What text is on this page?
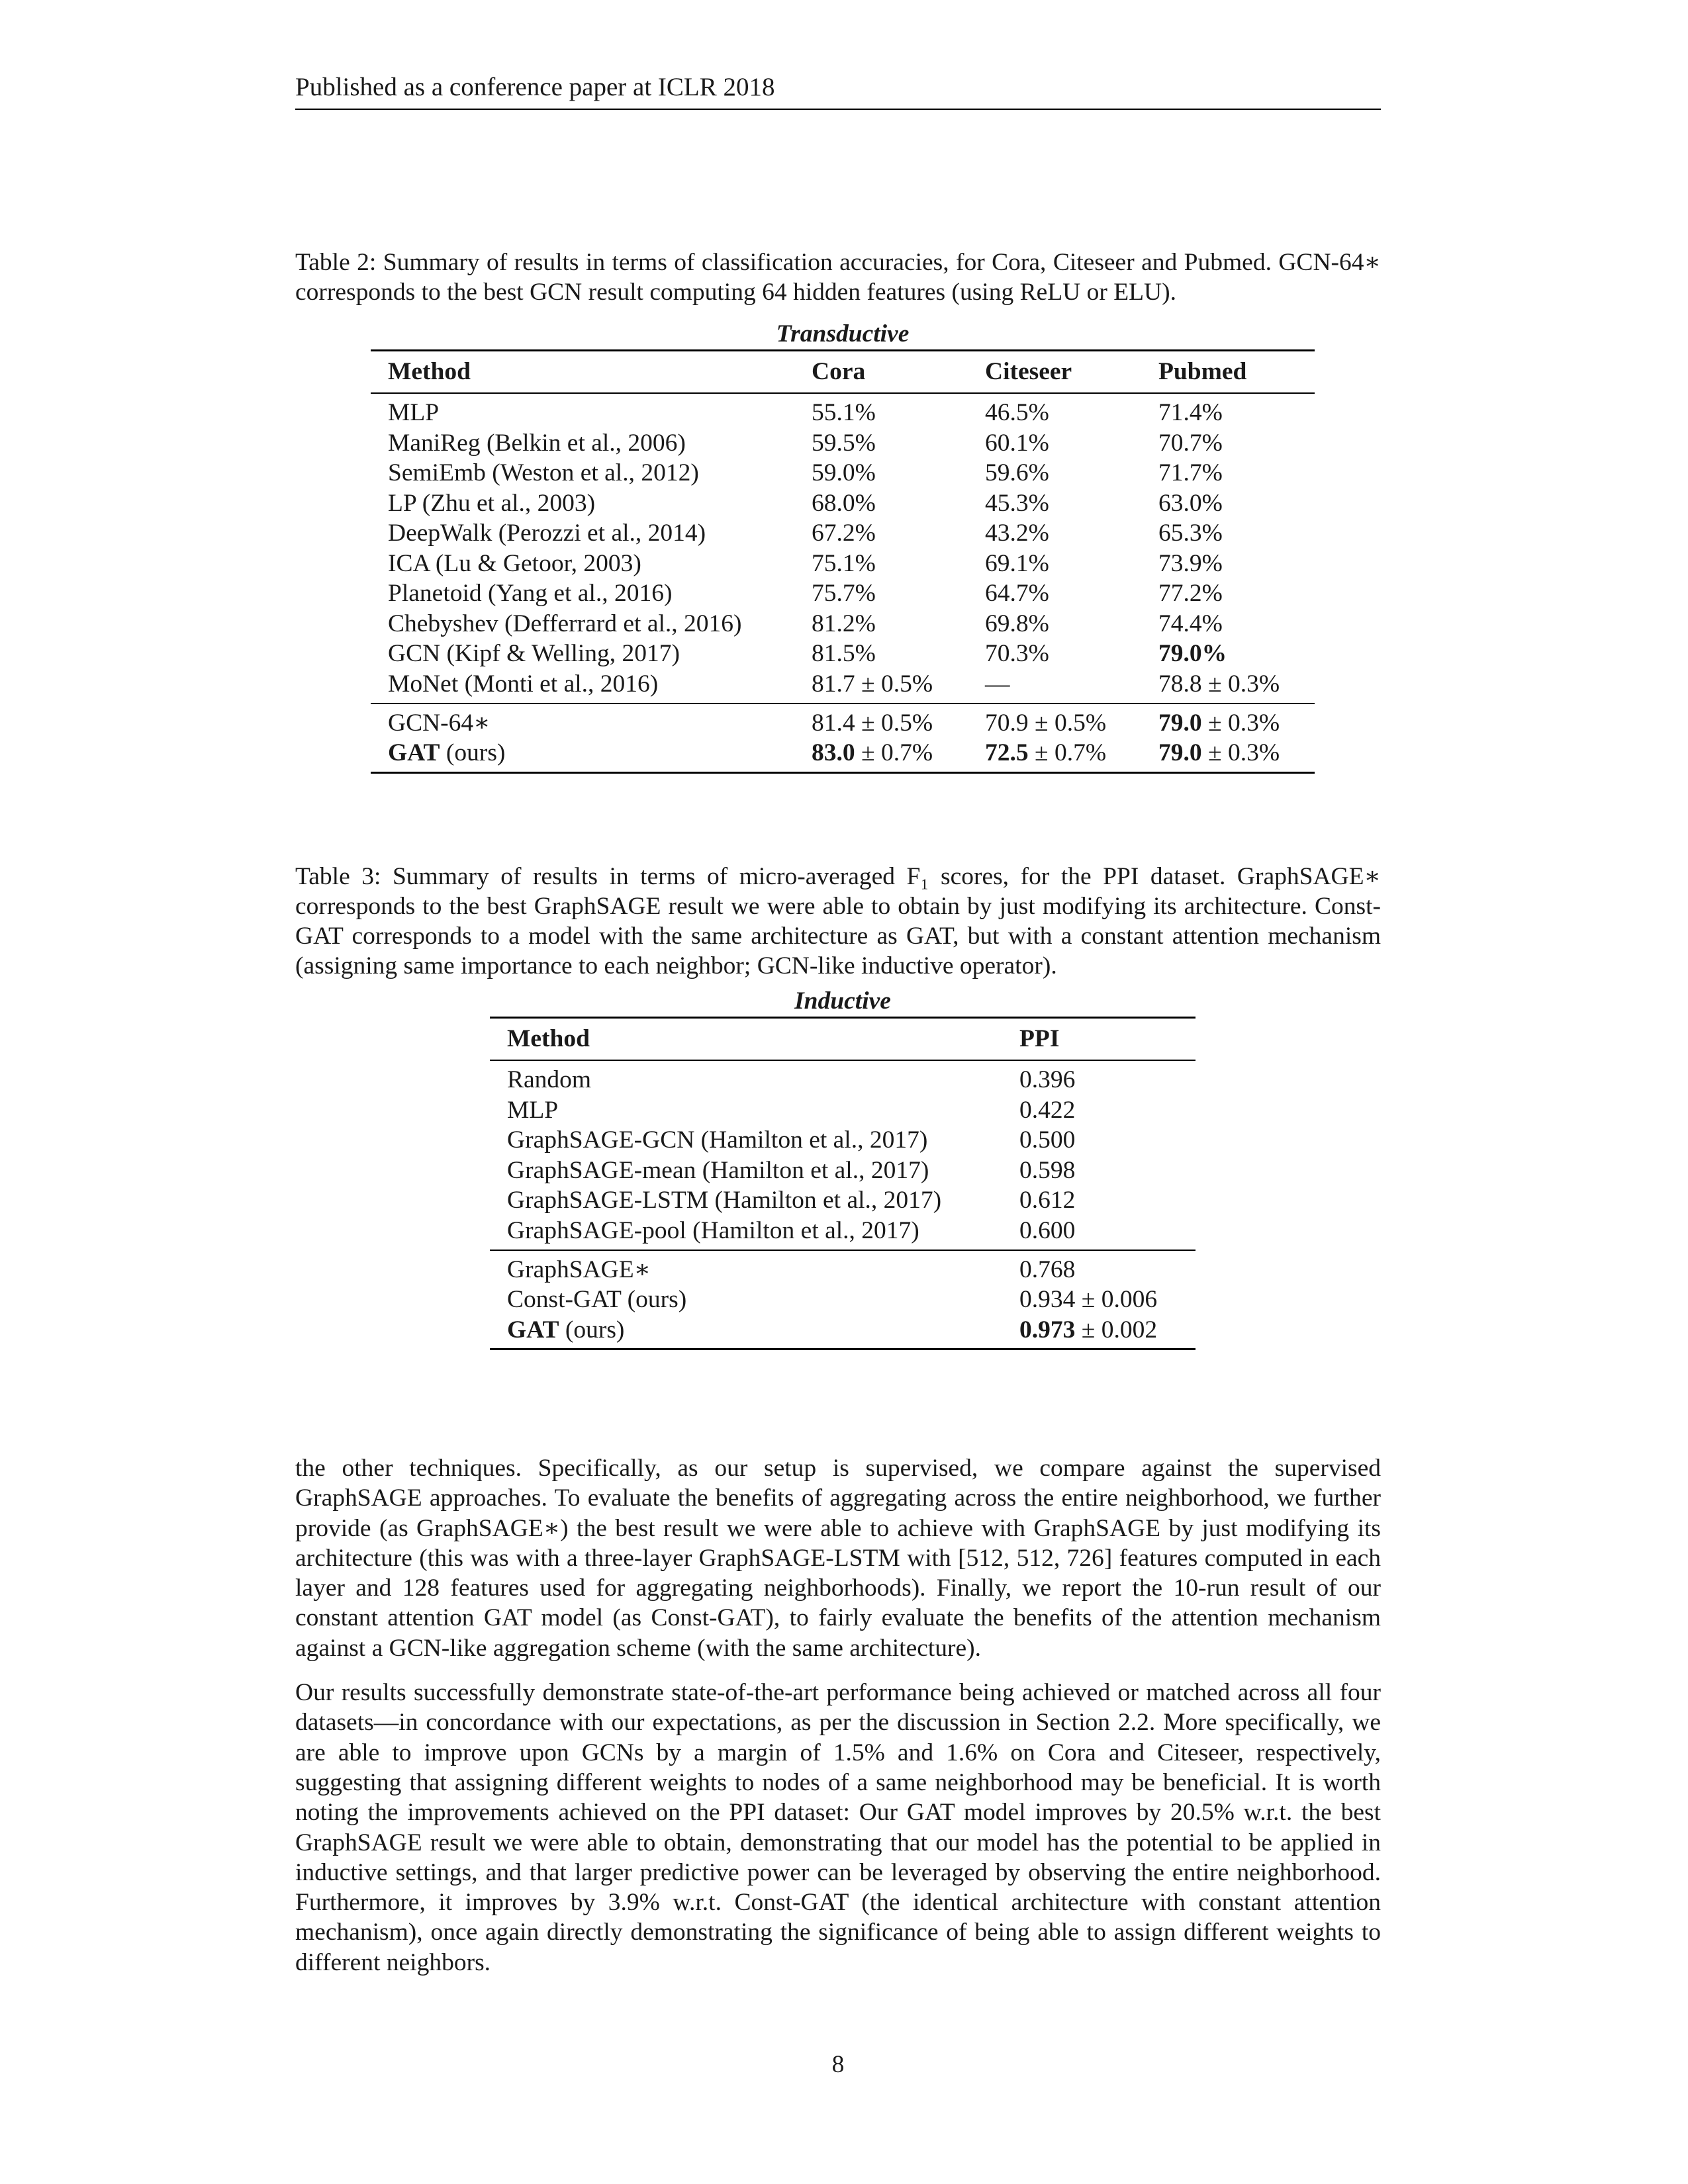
Published as a conference paper at ICLR 2018
Table 2: Summary of results in terms of classification accuracies, for Cora, Citeseer and Pubmed. GCN-64∗ corresponds to the best GCN result computing 64 hidden features (using ReLU or ELU).
Transductive
Method	Cora	Citeseer	Pubmed
MLP	55.1%	46.5%	71.4%
ManiReg (Belkin et al., 2006)	59.5%	60.1%	70.7%
SemiEmb (Weston et al., 2012)	59.0%	59.6%	71.7%
LP (Zhu et al., 2003)	68.0%	45.3%	63.0%
DeepWalk (Perozzi et al., 2014)	67.2%	43.2%	65.3%
ICA (Lu & Getoor, 2003)	75.1%	69.1%	73.9%
Planetoid (Yang et al., 2016)	75.7%	64.7%	77.2%
Chebyshev (Defferrard et al., 2016)	81.2%	69.8%	74.4%
GCN (Kipf & Welling, 2017)	81.5%	70.3%	79.0%
MoNet (Monti et al., 2016)	81.7 ± 0.5%	—	78.8 ± 0.3%
GCN-64∗	81.4 ± 0.5%	70.9 ± 0.5%	79.0 ± 0.3%
GAT (ours)	83.0 ± 0.7%	72.5 ± 0.7%	79.0 ± 0.3%
Table 3: Summary of results in terms of micro-averaged F₁ scores, for the PPI dataset. GraphSAGE∗ corresponds to the best GraphSAGE result we were able to obtain by just modifying its architecture. Const-GAT corresponds to a model with the same architecture as GAT, but with a constant attention mechanism (assigning same importance to each neighbor; GCN-like inductive operator).
Inductive
Method	PPI
Random	0.396
MLP	0.422
GraphSAGE-GCN (Hamilton et al., 2017)	0.500
GraphSAGE-mean (Hamilton et al., 2017)	0.598
GraphSAGE-LSTM (Hamilton et al., 2017)	0.612
GraphSAGE-pool (Hamilton et al., 2017)	0.600
GraphSAGE∗	0.768
Const-GAT (ours)	0.934 ± 0.006
GAT (ours)	0.973 ± 0.002

the other techniques. Specifically, as our setup is supervised, we compare against the supervised GraphSAGE approaches. To evaluate the benefits of aggregating across the entire neighborhood, we further provide (as GraphSAGE∗) the best result we were able to achieve with GraphSAGE by just modifying its architecture (this was with a three-layer GraphSAGE-LSTM with [512, 512, 726] features computed in each layer and 128 features used for aggregating neighborhoods). Finally, we report the 10-run result of our constant attention GAT model (as Const-GAT), to fairly evaluate the benefits of the attention mechanism against a GCN-like aggregation scheme (with the same architecture).

Our results successfully demonstrate state-of-the-art performance being achieved or matched across all four datasets—in concordance with our expectations, as per the discussion in Section 2.2. More specifically, we are able to improve upon GCNs by a margin of 1.5% and 1.6% on Cora and Citeseer, respectively, suggesting that assigning different weights to nodes of a same neighborhood may be beneficial. It is worth noting the improvements achieved on the PPI dataset: Our GAT model improves by 20.5% w.r.t. the best GraphSAGE result we were able to obtain, demonstrating that our model has the potential to be applied in inductive settings, and that larger predictive power can be leveraged by observing the entire neighborhood. Furthermore, it improves by 3.9% w.r.t. Const-GAT (the identical architecture with constant attention mechanism), once again directly demonstrating the significance of being able to assign different weights to different neighbors.

8
